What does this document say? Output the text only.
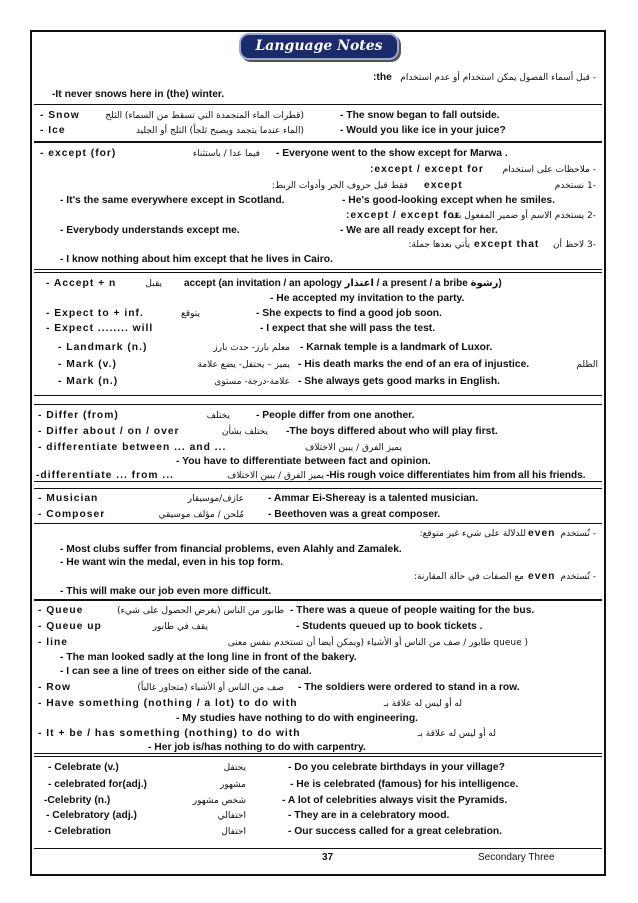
Language Notes
:the - قبل أسماء الفصول يمكن استخدام أو عدم استخدام
-It never snows here in (the) winter.
- Snow	(قطرات الماء المتجمدة التي تسقط من السماء) الثلج	- The snow began to fall outside.
- Ice	(الماء عندما يتجمد ويصبح ثلجاً) الثلج أو الجليد	- Would you like ice in your juice?
- except (for)	فيما عدا / باستثناء - Everyone went to the show except for Marwa .
:except / except for	- ملاحظات على استخدام
فقط قبل حروف الجر وأدوات الربط: except	-1 نستخدم
- It's the same everywhere except in Scotland.	- He's good-looking except when he smiles.
:except / except for
-2 يستخدم الاسم أو ضمير المفعول بعد
- Everybody understands except me.	- We are all ready except for her.
يأتي بعدها جملة: except that -3 لاحظ أن
- I know nothing about him except that he lives in Cairo.
- Accept + n	يقبل accept (an invitation / an apology اعتذار / a present / a bribe رشوة)
- He accepted my invitation to the party.
- Expect to + inf.	يتوقع	- She expects to find a good job soon.
- Expect ........ will	- I expect that she will pass the test.
- Landmark (n.)	معلم بارز- حدث بارز - Karnak temple is a landmark of Luxor.
- Mark (v.)	يميز – يحتفل- يضع علامة - His death marks the end of an era of injustice.	الظلم
- Mark (n.)	علامة-درجة- مستوى - She always gets good marks in English.
- Differ (from)	يختلف	- People differ from one another.
- Differ about / on / over	يختلف بشأن -The boys differed about who will play first.
- differentiate between ... and ...	يميز الفرق / يبين الاختلاف
- You have to differentiate between fact and opinion.
-differentiate ... from ...	يميز الفرق / يبين الاختلاف -His rough voice differentiates him from all his friends.
- Musician	عازف/موسيقار - Ammar Ei-Shereay is a talented musician.
- Composer	مُلحن / مؤلف موسيقي - Beethoven was a great composer.
للدلالة على شيء غير متوقع: even - تُستخدم
- Most clubs suffer from financial problems, even Alahly and Zamalek.
- He want win the medal, even in his top form.
مع الصفات في حالة المقارنة: even - تُستخدم
- This will make our job even more difficult.
- Queue	طابور من الناس (بغرض الحصول على شيء) - There was a queue of people waiting for the bus.
- Queue up	يقف في طابور	- Students queued up to book tickets .
- line	( queue طابور / صف من الناس أو الأشياء (ويمكن أيضا أن تستخدم بنفس معنى
- The man looked sadly at the long line in front of the bakery.
- I can see a line of trees on either side of the canal.
- Row	صف من الناس أو الأشياء (متجاور غالباً) - The soldiers were ordered to stand in a row.
- Have something (nothing / a lot) to do with	له أو ليس له علاقة بـ
- My studies have nothing to do with engineering.
- It + be / has something (nothing) to do with	له أو ليس له علاقة بـ
- Her job is/has nothing to do with carpentry.
- Celebrate (v.)	يحتفل	- Do you celebrate birthdays in your village?
- celebrated for(adj.)	مشهور	- He is celebrated (famous) for his intelligence.
-Celebrity (n.)	شخص مشهور	- A lot of celebrities always visit the Pyramids.
- Celebratory (adj.)	احتفالي	- They are in a celebratory mood.
- Celebration	احتفال	- Our success called for a great celebration.
37	Secondary Three
